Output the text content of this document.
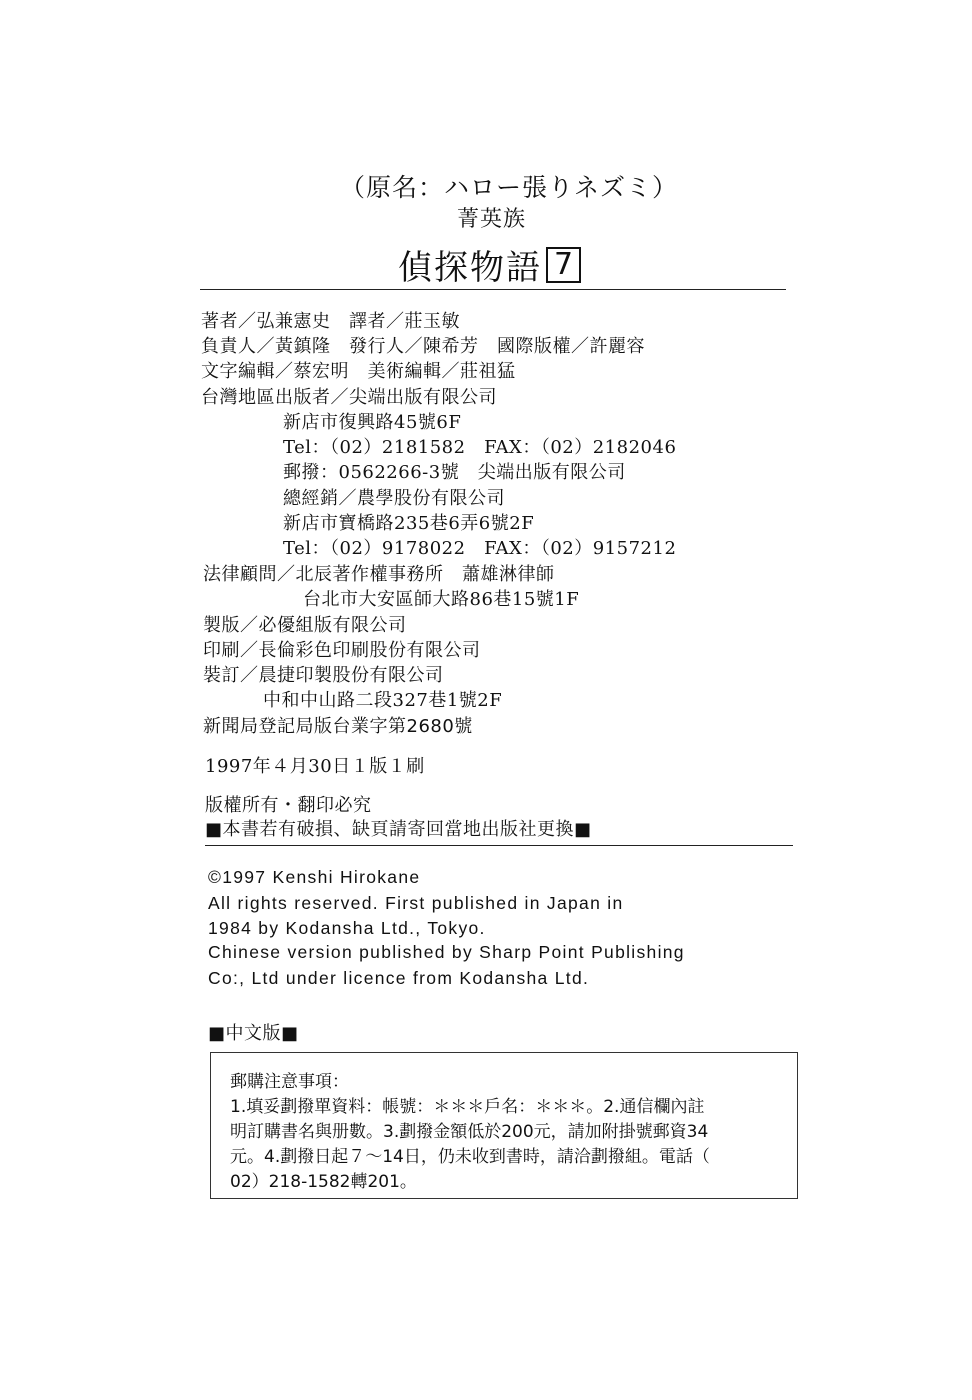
（原名：ハロー張りネズミ）
菁英族
偵探物語 7
著者／弘兼憲史　譯者／莊玉敏
負責人／黃鎮隆　發行人／陳希芳　國際版權／許麗容
文字編輯／蔡宏明　美術編輯／莊祖猛
台灣地區出版者／尖端出版有限公司
新店市復興路45號6F
Tel：（02）2181582　FAX：（02）2182046
郵撥：0562266-3號　尖端出版有限公司
總經銷／農學股份有限公司
新店市寶橋路235巷6弄6號2F
Tel：（02）9178022　FAX：（02）9157212
法律顧問／北辰著作權事務所　蕭雄淋律師
台北市大安區師大路86巷15號1F
製版／必優組版有限公司
印刷／長倫彩色印刷股份有限公司
裝訂／晨捷印製股份有限公司
中和中山路二段327巷1號2F
新聞局登記局版台業字第2680號
1997年４月30日１版１刷
版權所有・翻印必究
■本書若有破損、缺頁請寄回當地出版社更換■
©1997 Kenshi Hirokane
All rights reserved. First published in Japan in
1984 by Kodansha Ltd., Tokyo.
Chinese version published by Sharp Point Publishing
Co:, Ltd under licence from Kodansha Ltd.
■中文版■
郵購注意事項：
1.填妥劃撥單資料：帳號：＊＊＊戶名：＊＊＊。2.通信欄內註
明訂購書名與册數。3.劃撥金額低於200元，請加附掛號郵資34
元。4.劃撥日起７～14日，仍未收到書時，請洽劃撥組。電話（
02）218-1582轉201。
